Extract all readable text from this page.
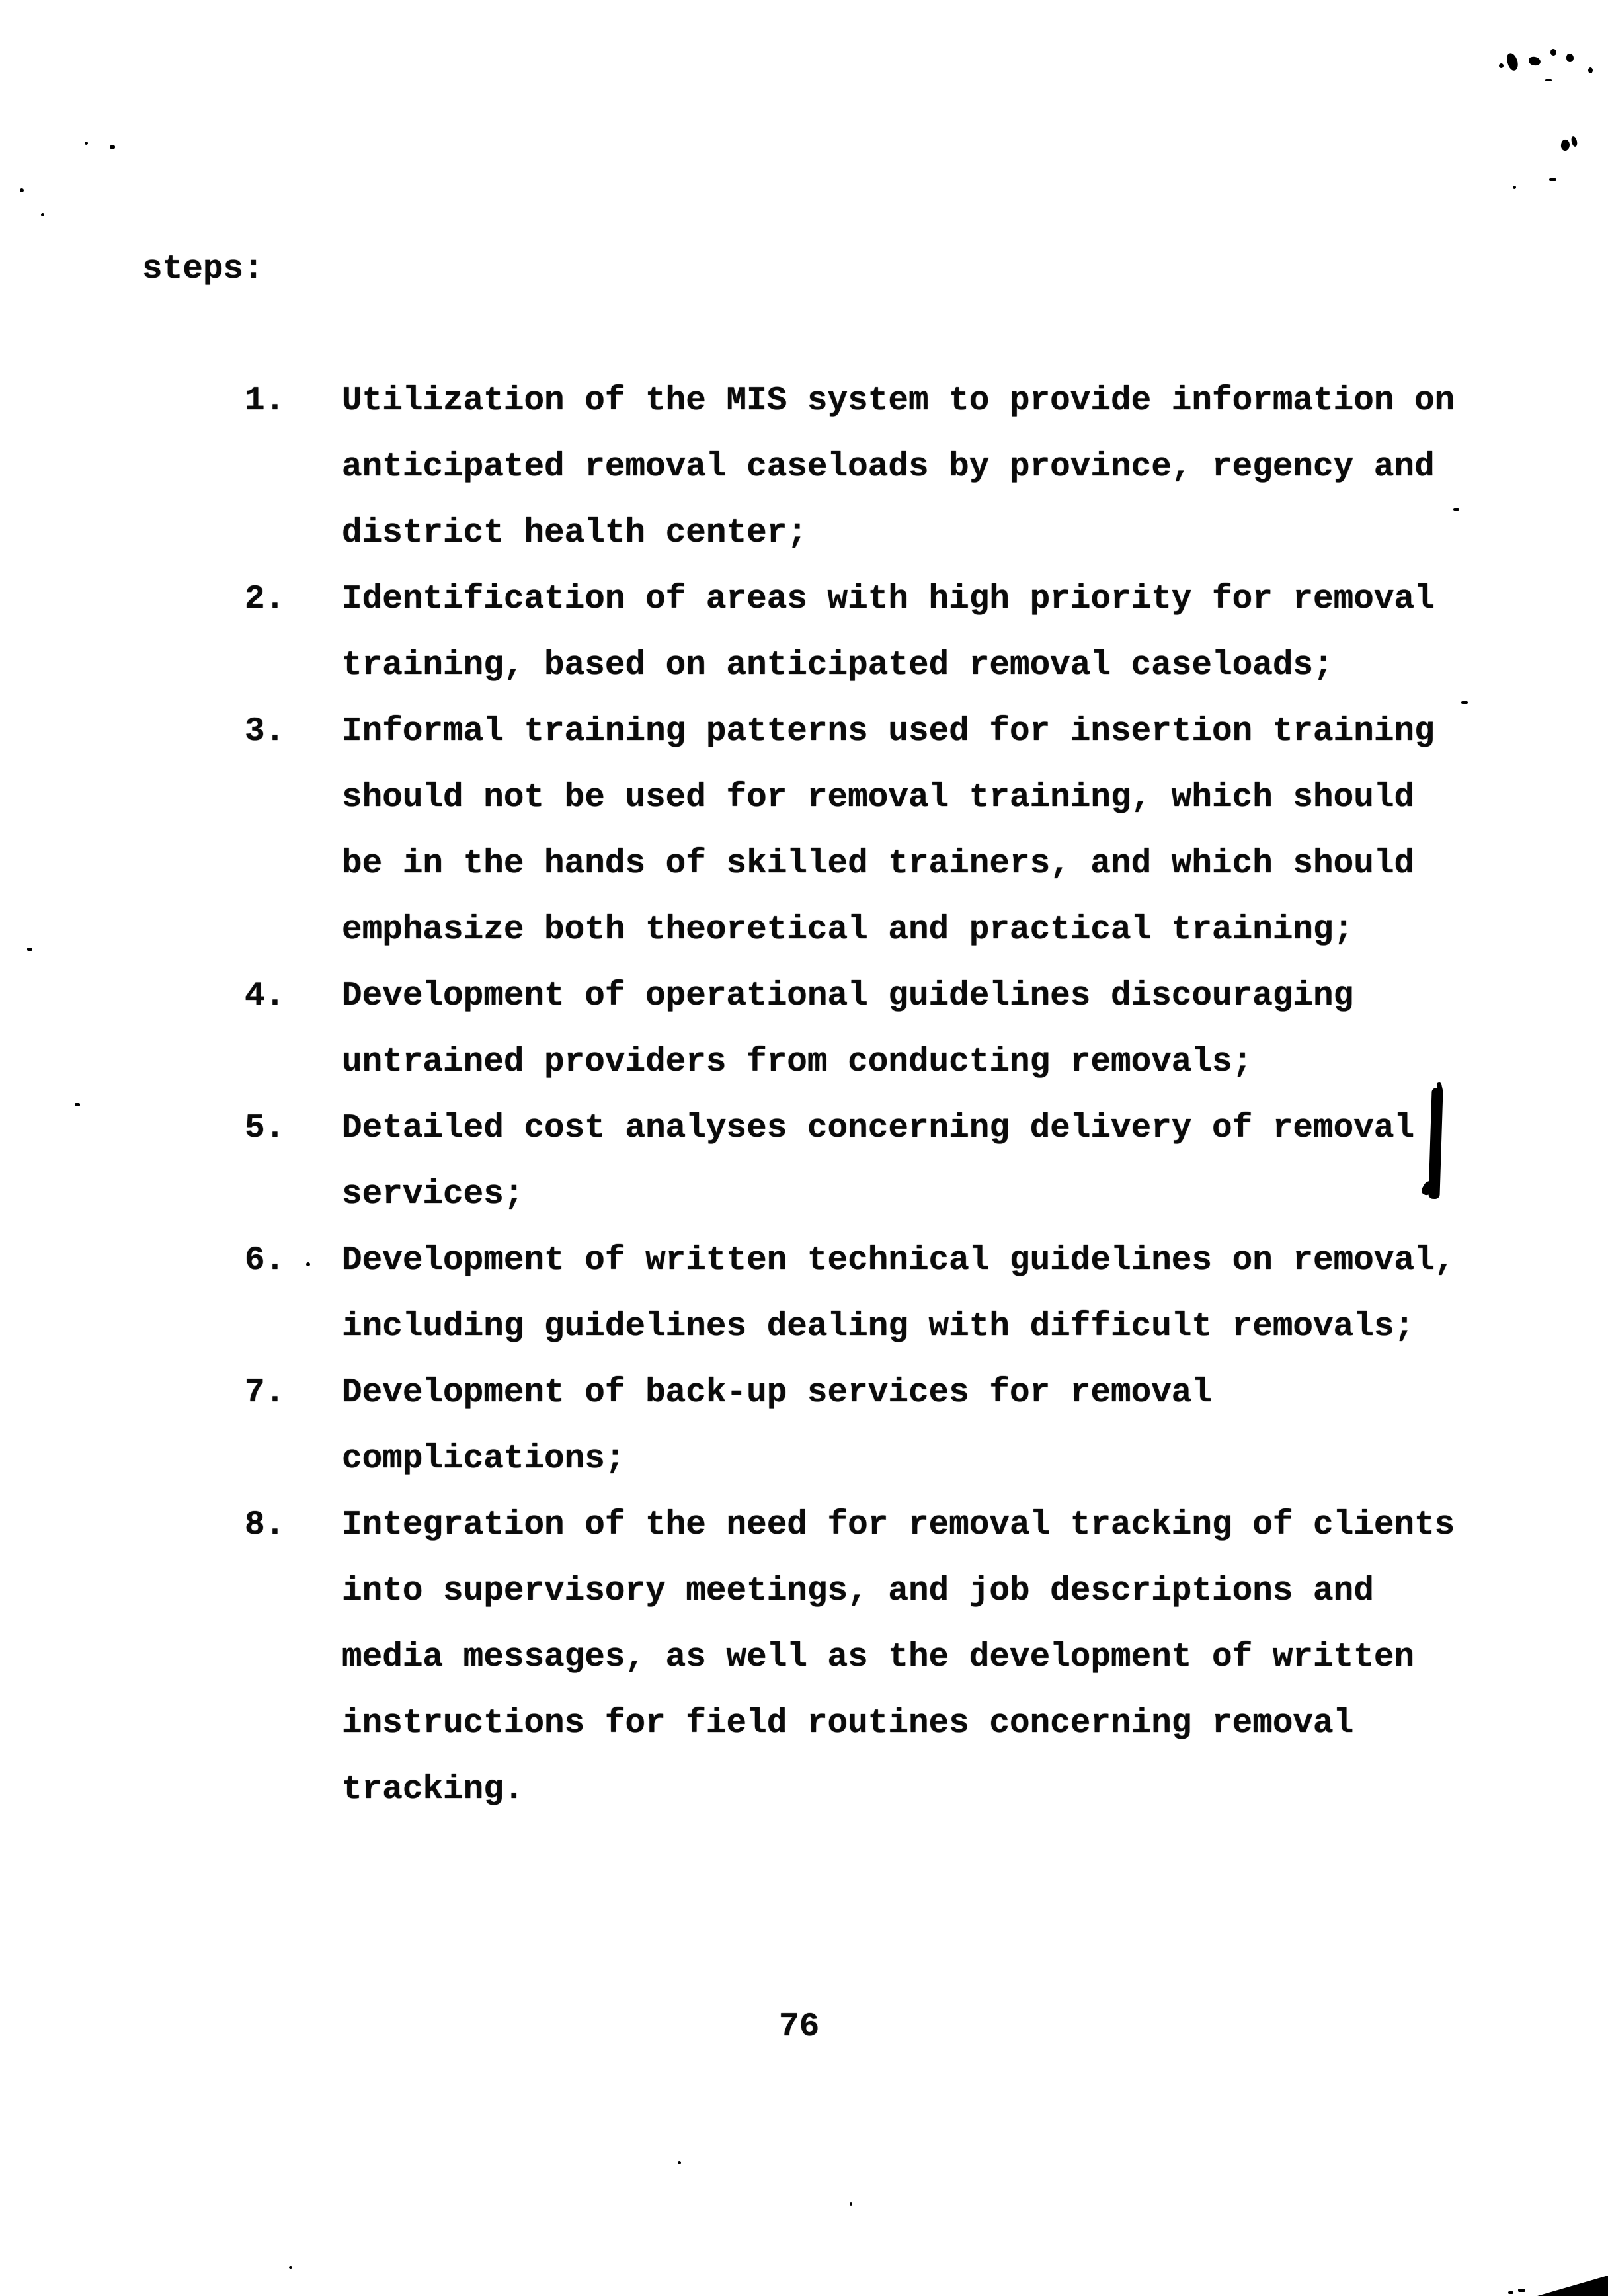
steps:
1. Utilization of the MIS system to provide information on
anticipated removal caseloads by province, regency and
district health center;
2. Identification of areas with high priority for removal
training, based on anticipated removal caseloads;
3. Informal training patterns used for insertion training
should not be used for removal training, which should
be in the hands of skilled trainers, and which should
emphasize both theoretical and practical training;
4. Development of operational guidelines discouraging
untrained providers from conducting removals;
5. Detailed cost analyses concerning delivery of removal
services;
6. Development of written technical guidelines on removal,
including guidelines dealing with difficult removals;
7. Development of back-up services for removal
complications;
8. Integration of the need for removal tracking of clients
into supervisory meetings, and job descriptions and
media messages, as well as the development of written
instructions for field routines concerning removal
tracking.
76
